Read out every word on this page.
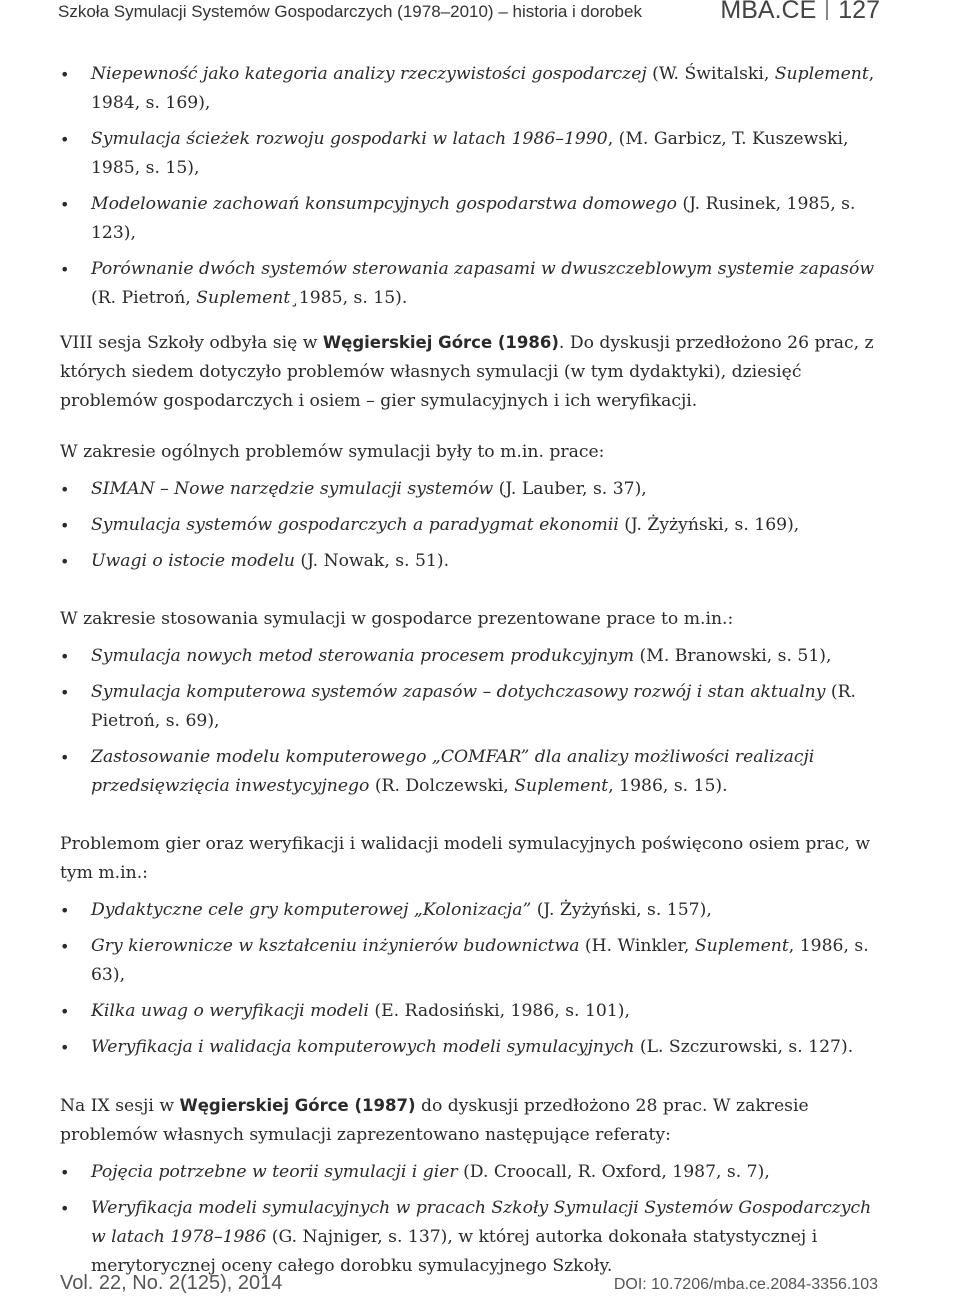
Szkoła Symulacji Systemów Gospodarczych (1978–2010) – historia i dorobek	MBA.CE 127
• Niepewność jako kategoria analizy rzeczywistości gospodarczej (W. Świtalski, Suplement, 1984, s. 169),
• Symulacja ścieżek rozwoju gospodarki w latach 1986–1990, (M. Garbicz, T. Kuszewski, 1985, s. 15),
• Modelowanie zachowań konsumpcyjnych gospodarstwa domowego (J. Rusinek, 1985, s. 123),
• Porównanie dwóch systemów sterowania zapasami w dwuszczeblowym systemie zapasów (R. Pietroń, Suplement¸1985, s. 15).

VIII sesja Szkoły odbyła się w Węgierskiej Górce (1986). Do dyskusji przedłożono 26 prac, z których siedem dotyczyło problemów własnych symulacji (w tym dydaktyki), dziesięć problemów gospodarczych i osiem – gier symulacyjnych i ich weryfikacji.

W zakresie ogólnych problemów symulacji były to m.in. prace:

• SIMAN – Nowe narzędzie symulacji systemów (J. Lauber, s. 37),
• Symulacja systemów gospodarczych a paradygmat ekonomii (J. Żyżyński, s. 169),
• Uwagi o istocie modelu (J. Nowak, s. 51).

W zakresie stosowania symulacji w gospodarce prezentowane prace to m.in.:

• Symulacja nowych metod sterowania procesem produkcyjnym (M. Branowski, s. 51),
• Symulacja komputerowa systemów zapasów – dotychczasowy rozwój i stan aktualny (R. Pietroń, s. 69),
• Zastosowanie modelu komputerowego „COMFAR” dla analizy możliwości realizacji przedsięwzięcia inwestycyjnego (R. Dolczewski, Suplement, 1986, s. 15).

Problemom gier oraz weryfikacji i walidacji modeli symulacyjnych poświęcono osiem prac, w tym m.in.:

• Dydaktyczne cele gry komputerowej „Kolonizacja” (J. Żyżyński, s. 157),
• Gry kierownicze w kształceniu inżynierów budownictwa (H. Winkler, Suplement, 1986, s. 63),
• Kilka uwag o weryfikacji modeli (E. Radosiński, 1986, s. 101),
• Weryfikacja i walidacja komputerowych modeli symulacyjnych (L. Szczurowski, s. 127).

Na IX sesji w Węgierskiej Górce (1987) do dyskusji przedłożono 28 prac. W zakresie problemów własnych symulacji zaprezentowano następujące referaty:

• Pojęcia potrzebne w teorii symulacji i gier (D. Croocall, R. Oxford, 1987, s. 7),
• Weryfikacja modeli symulacyjnych w pracach Szkoły Symulacji Systemów Gospodarczych w latach 1978–1986 (G. Najniger, s. 137), w której autorka dokonała statystycznej i merytorycznej oceny całego dorobku symulacyjnego Szkoły.
Vol. 22, No. 2(125), 2014	DOI: 10.7206/mba.ce.2084-3356.103
